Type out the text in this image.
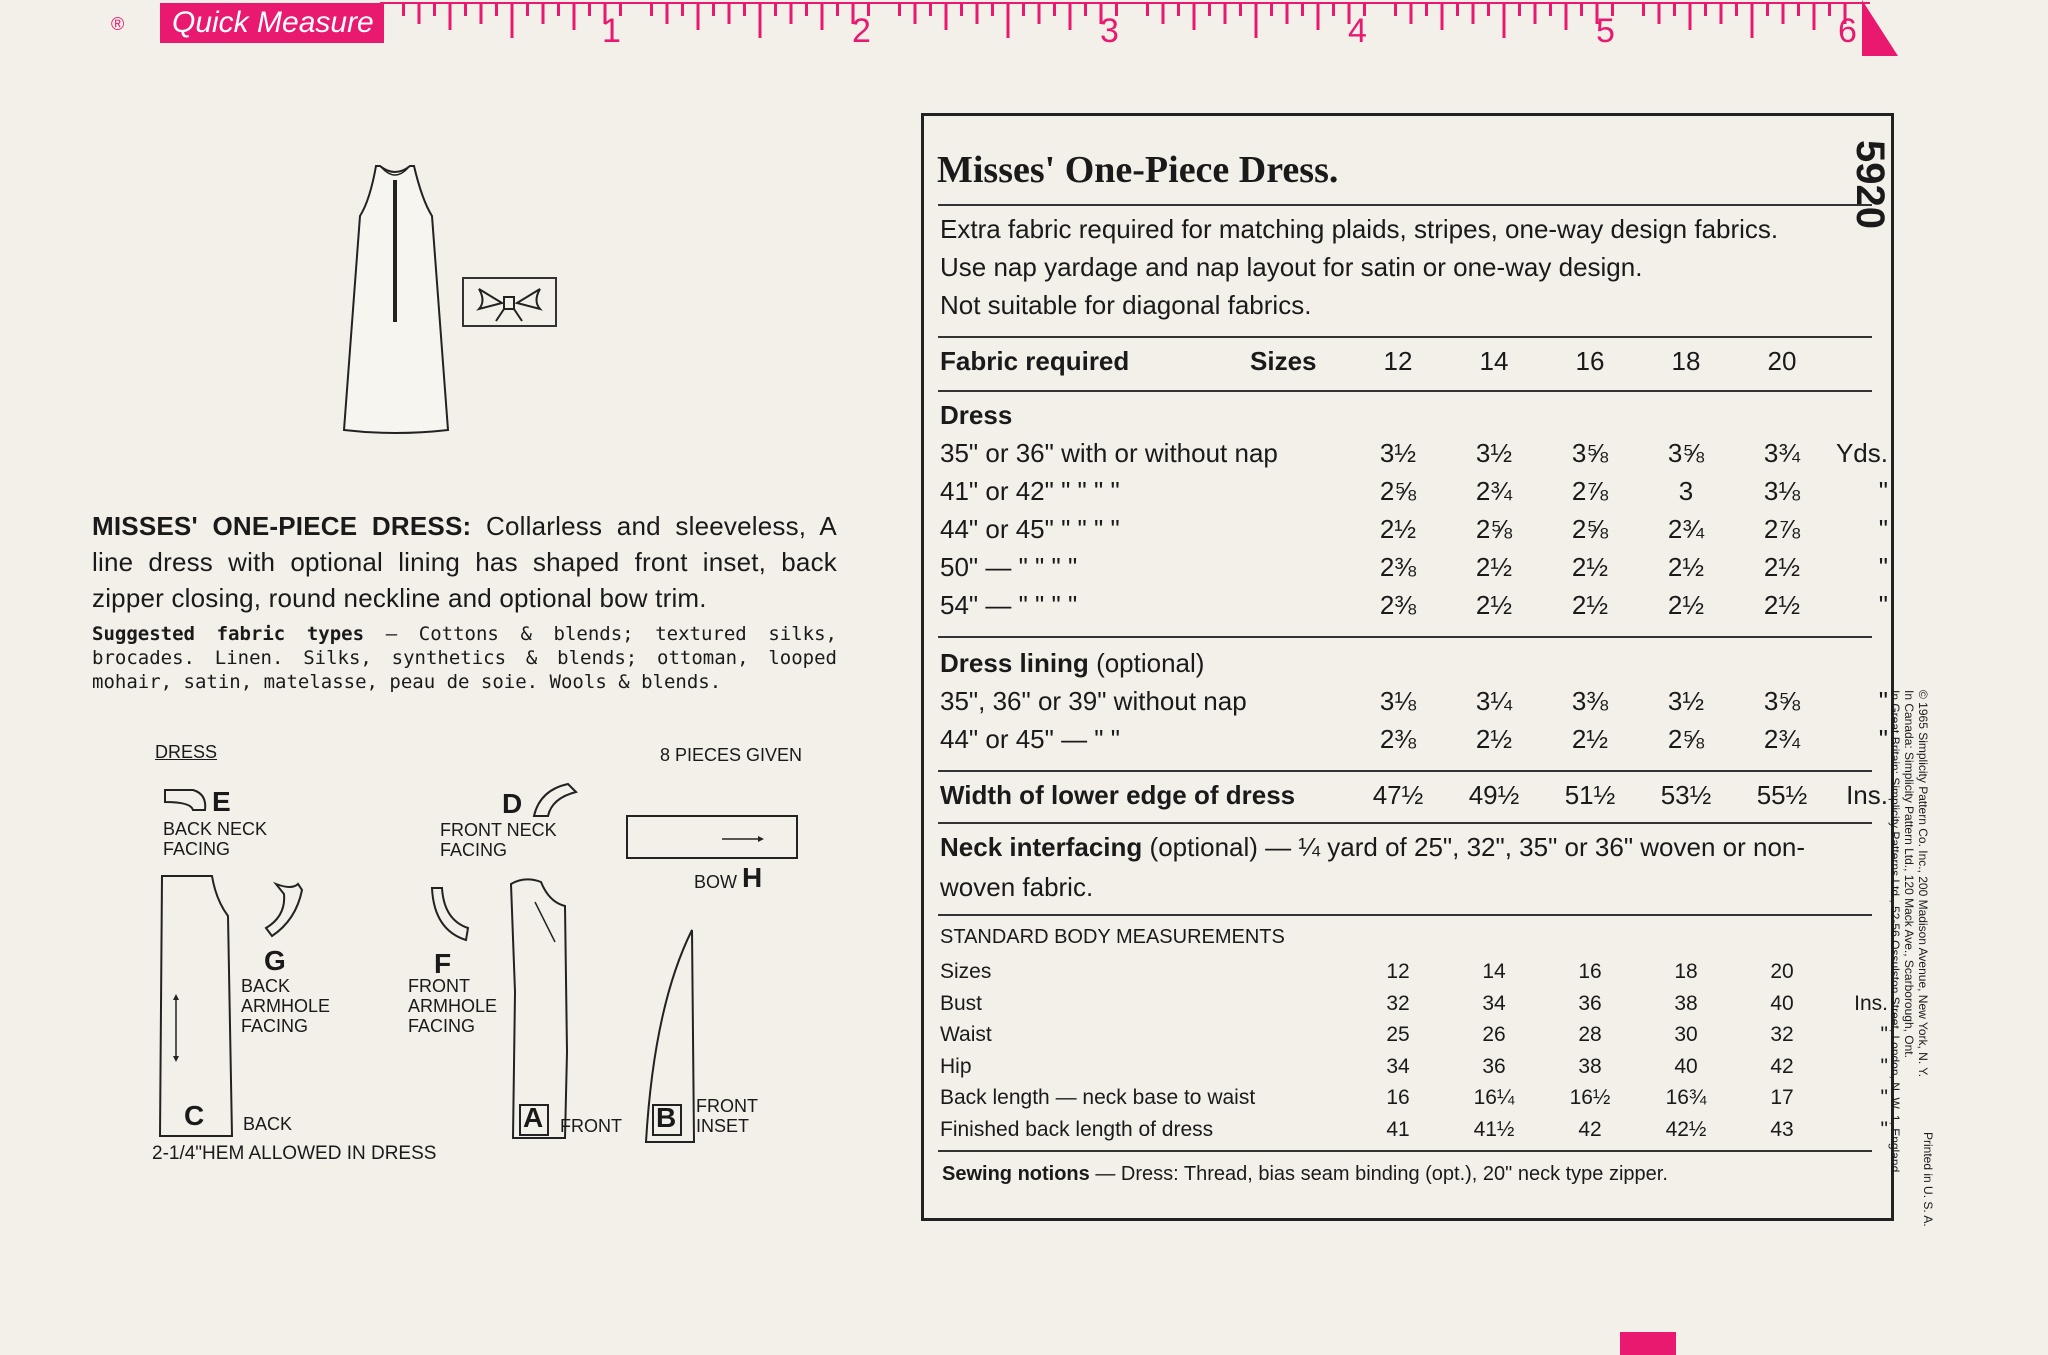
® Quick Measure	1	2	3	4	5	6
MISSES' ONE-PIECE DRESS: Collarless and sleeveless, A line dress with optional lining has shaped front inset, back zipper closing, round neckline and optional bow trim.
Suggested fabric types — Cottons & blends; textured silks, brocades. Linen. Silks, synthetics & blends; ottoman, looped mohair, satin, matelasse, peau de soie. Wools & blends.
DRESS	8 PIECES GIVEN
E
BACK NECK
FACING
D
FRONT NECK
FACING
BOW H
G
BACK
ARMHOLE
FACING
F
FRONT
ARMHOLE
FACING
C BACK
2-1/4"HEM ALLOWED IN DRESS
A FRONT B FRONT
INSET
5920
Misses' One-Piece Dress.
Extra fabric required for matching plaids, stripes, one-way design fabrics.
Use nap yardage and nap layout for satin or one-way design.
Not suitable for diagonal fabrics.
Fabric required	Sizes	12	14	16	18	20
Dress
35" or 36" with or without nap	3½	3½	3⅝	3⅝	3¾	Yds.
41" or 42" " " " "	2⅝	2¾	2⅞	3	3⅛	"
44" or 45" " " " "	2½	2⅝	2⅝	2¾	2⅞	"
50" — " " " "	2⅜	2½	2½	2½	2½	"
54" — " " " "	2⅜	2½	2½	2½	2½	"
Dress lining (optional)
35", 36" or 39" without nap	3⅛	3¼	3⅜	3½	3⅝	"
44" or 45" — " "	2⅜	2½	2½	2⅝	2¾	"
Width of lower edge of dress	47½	49½	51½	53½	55½	Ins.
Neck interfacing (optional) — ¼ yard of 25", 32", 35" or 36" woven or non-
woven fabric.
STANDARD BODY MEASUREMENTS
Sizes	12	14	16	18	20
Bust	32	34	36	38	40	Ins.
Waist	25	26	28	30	32	"
Hip	34	36	38	40	42	"
Back length — neck base to waist	16	16¼	16½	16¾	17	"
Finished back length of dress	41	41½	42	42½	43	"
Sewing notions — Dress: Thread, bias seam binding (opt.), 20" neck type zipper.
© 1965 Simplicity Pattern Co. Inc., 200 Madison Avenue, New York, N. Y.
In Canada: Simplicity Pattern Ltd., 120 Mack Ave., Scarborough, Ont.
In Great Britain: Simplicity Patterns Ltd., 52-56 Ossulston Street, London, N. W. 1, England.
Printed in U. S. A.
